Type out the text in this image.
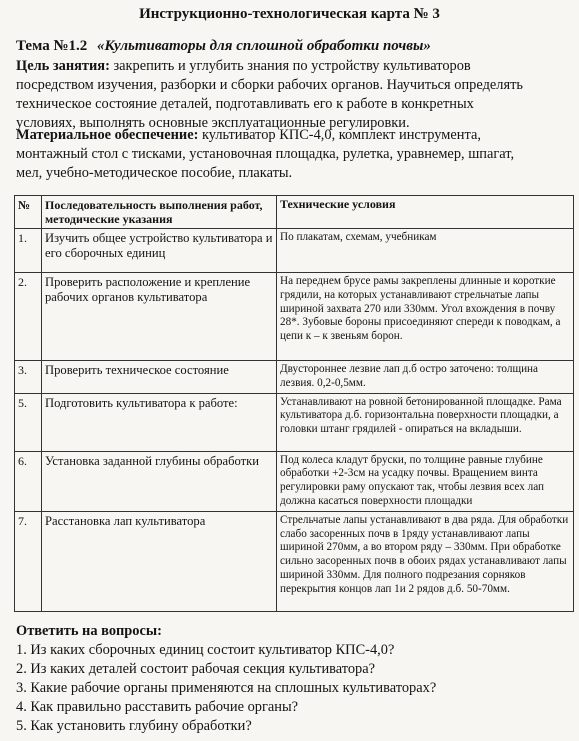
Инструкционно-технологическая карта № 3
Тема №1.2 «Культиваторы для сплошной обработки почвы»
Цель занятия: закрепить и углубить знания по устройству культиваторов
посредством изучения, разборки и сборки рабочих органов. Научиться определять
техническое состояние деталей, подготавливать его к работе в конкретных
условиях, выполнять основные эксплуатационные регулировки.
Материальное обеспечение: культиватор КПС-4,0, комплект инструмента,
монтажный стол с тисками, установочная площадка, рулетка, уравнемер, шпагат,
мел, учебно-методическое пособие, плакаты.
№	Последовательность выполнения работ, методические указания	Технические условия
1.	Изучить общее устройство культиватора и его сборочных единиц	По плакатам, схемам, учебникам
2.	Проверить расположение и крепление рабочих органов культиватора	На переднем брусе рамы закреплены длинные и короткие грядили, на которых устанавливают стрельчатые лапы шириной захвата 270 или 330мм. Угол вхождения в почву 28*. Зубовые бороны присоединяют спереди к поводкам, а цепи к – к звеньям борон.
3.	Проверить техническое состояние	Двустороннее лезвие лап д.б остро заточено: толщина лезвия. 0,2-0,5мм.
5.	Подготовить культиватора к работе:	Устанавливают на ровной бетонированной площадке. Рама культиватора д.б. горизонтальна поверхности площадки, а головки штанг грядилей - опираться на вкладыши.
6.	Установка заданной глубины обработки	Под колеса кладут бруски, по толщине равные глубине обработки +2-3см на усадку почвы. Вращением винта регулировки раму опускают так, чтобы лезвия всех лап должна касаться поверхности площадки
7.	Расстановка лап культиватора	Стрельчатые лапы устанавливают в два ряда. Для обработки слабо засоренных почв в 1ряду устанавливают лапы шириной 270мм, а во втором ряду – 330мм. При обработке сильно засоренных почв в обоих рядах устанавливают лапы шириной 330мм. Для полного подрезания сорняков перекрытия концов лап 1и 2 рядов д.б. 50-70мм.
Ответить на вопросы:
1. Из каких сборочных единиц состоит культиватор КПС-4,0?
2. Из каких деталей состоит рабочая секция культиватора?
3. Какие рабочие органы применяются на сплошных культиваторах?
4. Как правильно расставить рабочие органы?
5. Как установить глубину обработки?
